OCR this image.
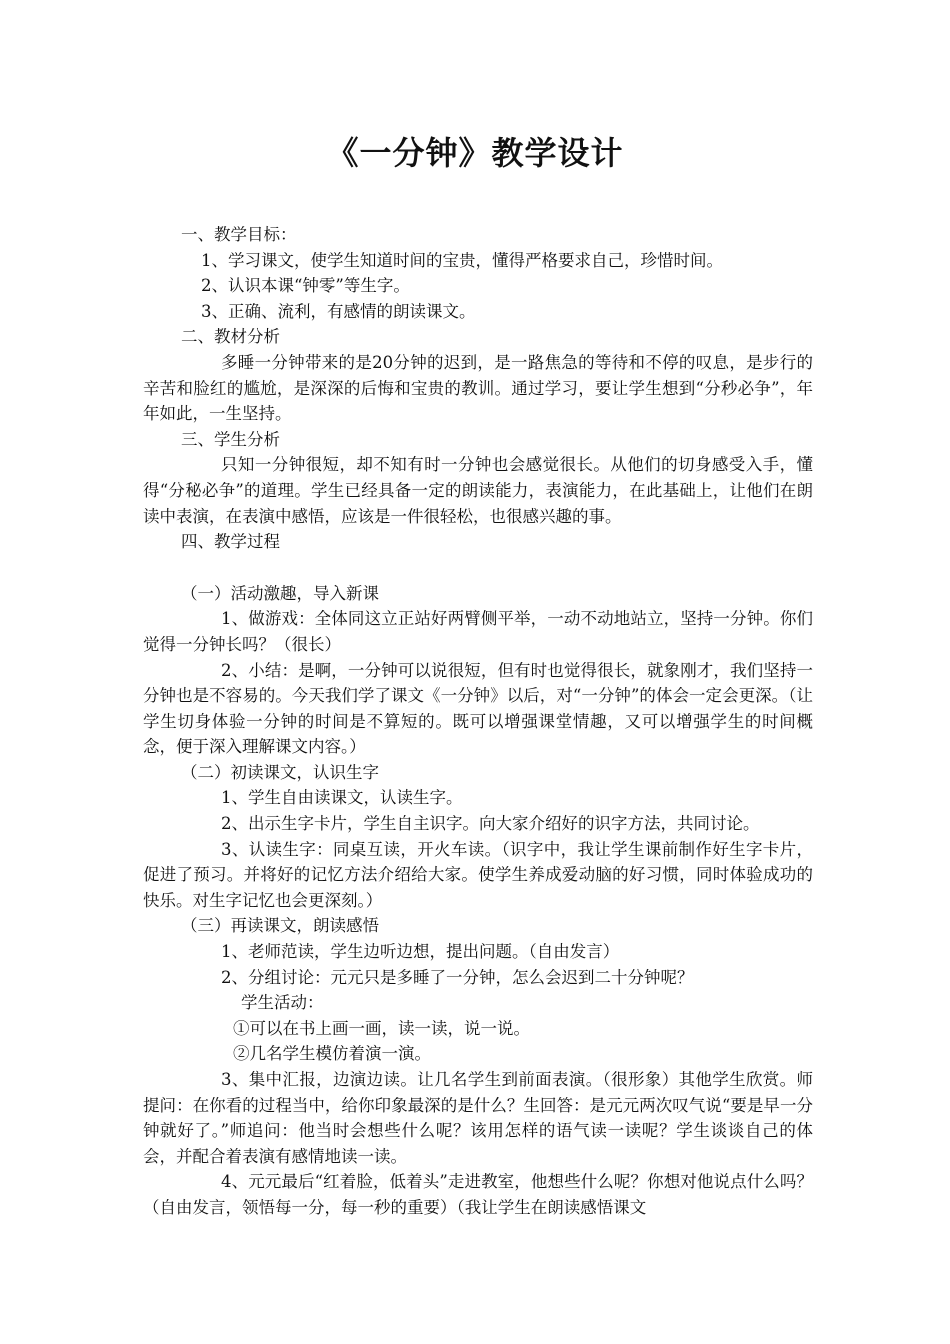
《一分钟》教学设计

一、教学目标：

1、学习课文，使学生知道时间的宝贵，懂得严格要求自己，珍惜时间。

2、认识本课“钟零”等生字。

3、正确、流利，有感情的朗读课文。

二、教材分析

多睡一分钟带来的是20分钟的迟到，是一路焦急的等待和不停的叹息，是步行的辛苦和脸红的尴尬，是深深的后悔和宝贵的教训。通过学习，要让学生想到“分秒必争”，年年如此，一生坚持。

三、学生分析

只知一分钟很短，却不知有时一分钟也会感觉很长。从他们的切身感受入手，懂得“分秘必争”的道理。学生已经具备一定的朗读能力，表演能力，在此基础上，让他们在朗读中表演，在表演中感悟，应该是一件很轻松，也很感兴趣的事。

四、教学过程

（一）活动激趣，导入新课

1、做游戏：全体同这立正站好两臂侧平举，一动不动地站立，坚持一分钟。你们觉得一分钟长吗？（很长）

2、小结：是啊，一分钟可以说很短，但有时也觉得很长，就象刚才，我们坚持一分钟也是不容易的。今天我们学了课文《一分钟》以后，对“一分钟”的体会一定会更深。（让学生切身体验一分钟的时间是不算短的。既可以增强课堂情趣，又可以增强学生的时间概念，便于深入理解课文内容。）

（二）初读课文，认识生字

1、学生自由读课文，认读生字。

2、出示生字卡片，学生自主识字。向大家介绍好的识字方法，共同讨论。

3、认读生字：同桌互读，开火车读。（识字中，我让学生课前制作好生字卡片，促进了预习。并将好的记忆方法介绍给大家。使学生养成爱动脑的好习惯，同时体验成功的快乐。对生字记忆也会更深刻。）

（三）再读课文，朗读感悟

1、老师范读，学生边听边想，提出问题。（自由发言）

2、分组讨论：元元只是多睡了一分钟，怎么会迟到二十分钟呢？

学生活动：

①可以在书上画一画，读一读，说一说。

②几名学生模仿着演一演。

3、集中汇报，边演边读。让几名学生到前面表演。（很形象）其他学生欣赏。师提问：在你看的过程当中，给你印象最深的是什么？生回答：是元元两次叹气说“要是早一分钟就好了。”师追问：他当时会想些什么呢？该用怎样的语气读一读呢？学生谈谈自己的体会，并配合着表演有感情地读一读。

4、元元最后“红着脸，低着头”走进教室，他想些什么呢？你想对他说点什么吗？（自由发言，领悟每一分，每一秒的重要）（我让学生在朗读感悟课文
